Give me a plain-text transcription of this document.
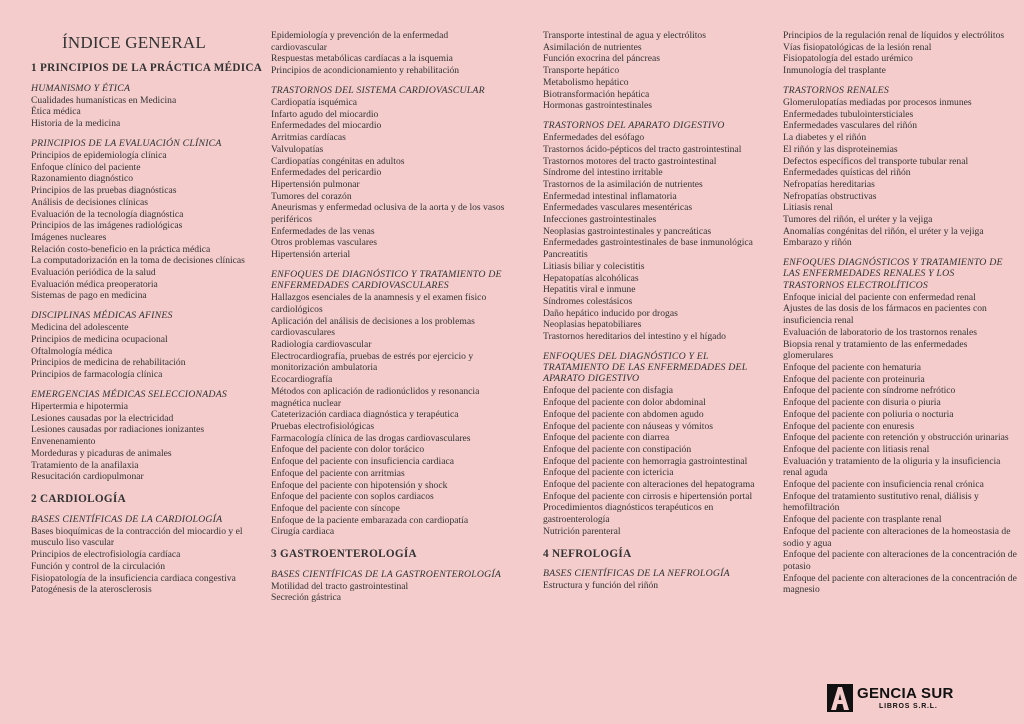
ÍNDICE GENERAL
1 PRINCIPIOS DE LA PRÁCTICA MÉDICA
HUMANISMO Y ÉTICA
Cualidades humanísticas en Medicina
Ética médica
Historia de la medicina
PRINCIPIOS DE LA EVALUACIÓN CLÍNICA
Principios de epidemiología clínica
Enfoque clínico del paciente
Razonamiento diagnóstico
Principios de las pruebas diagnósticas
Análisis de decisiones clínicas
Evaluación de la tecnología diagnóstica
Principios de las imágenes radiológicas
Imágenes nucleares
Relación costo-beneficio en la práctica médica
La computadorización en la toma de decisiones clínicas
Evaluación periódica de la salud
Evaluación médica preoperatoria
Sistemas de pago en medicina
DISCIPLINAS MÉDICAS AFINES
Medicina del adolescente
Principios de medicina ocupacional
Oftalmología médica
Principios de medicina de rehabilitación
Principios de farmacología clínica
EMERGENCIAS MÉDICAS SELECCIONADAS
Hipertermia e hipotermia
Lesiones causadas por la electricidad
Lesiones causadas por radiaciones ionizantes
Envenenamiento
Mordeduras y picaduras de animales
Tratamiento de la anafilaxia
Resucitación cardiopulmonar
2 CARDIOLOGÍA
BASES CIENTÍFICAS DE LA CARDIOLOGÍA
Bases bioquímicas de la contracción del miocardio y el musculo liso vascular
Principios de electrofisiología cardíaca
Función y control de la circulación
Fisiopatología de la insuficiencia cardiaca congestiva
Patogénesis de la aterosclerosis
Epidemiología y prevención de la enfermedad cardiovascular
Respuestas metabólicas cardíacas a la isquemia
Principios de acondicionamiento y rehabilitación
TRASTORNOS DEL SISTEMA CARDIOVASCULAR
Cardiopatía isquémica
Infarto agudo del miocardio
Enfermedades del miocardio
Arritmias cardíacas
Valvulopatías
Cardiopatías congénitas en adultos
Enfermedades del pericardio
Hipertensión pulmonar
Tumores del corazón
Aneurismas y enfermedad oclusiva de la aorta y de los vasos periféricos
Enfermedades de las venas
Otros problemas vasculares
Hipertensión arterial
ENFOQUES DE DIAGNÓSTICO Y TRATAMIENTO DE ENFERMEDADES CARDIOVASCULARES
Hallazgos esenciales de la anamnesis y el examen físico cardiológicos
Aplicación del análisis de decisiones a los problemas cardiovasculares
Radiología cardiovascular
Electrocardiografía, pruebas de estrés por ejercicio y monitorización ambulatoria
Ecocardiografía
Métodos con aplicación de radionúclidos y resonancia magnética nuclear
Cateterización cardiaca diagnóstica y terapéutica
Pruebas electrofisiológicas
Farmacología clínica de las drogas cardiovasculares
Enfoque del paciente con dolor torácico
Enfoque del paciente con insuficiencia cardiaca
Enfoque del paciente con arritmias
Enfoque del paciente con hipotensión y shock
Enfoque del paciente con soplos cardiacos
Enfoque del paciente con síncope
Enfoque de la paciente embarazada con cardiopatía
Cirugía cardiaca
3 GASTROENTEROLOGÍA
BASES CIENTÍFICAS DE LA GASTROENTEROLOGÍA
Motilidad del tracto gastrointestinal
Secreción gástrica
Transporte intestinal de agua y electrólitos
Asimilación de nutrientes
Función exocrina del páncreas
Transporte hepático
Metabolismo hepático
Biotransformación hepática
Hormonas gastrointestinales
TRASTORNOS DEL APARATO DIGESTIVO
Enfermedades del esófago
Trastornos ácido-pépticos del tracto gastrointestinal
Trastornos motores del tracto gastrointestinal
Síndrome del intestino irritable
Trastornos de la asimilación de nutrientes
Enfermedad intestinal inflamatoria
Enfermedades vasculares mesentéricas
Infecciones gastrointestinales
Neoplasias gastrointestinales y pancreáticas
Enfermedades gastrointestinales de base inmunológica
Pancreatitis
Litiasis biliar y colecistitis
Hepatopatías alcohólicas
Hepatitis viral e inmune
Síndromes colestásicos
Daño hepático inducido por drogas
Neoplasias hepatobiliares
Trastornos hereditarios del intestino y el hígado
ENFOQUES DEL DIAGNÓSTICO Y EL TRATAMIENTO DE LAS ENFERMEDADES DEL APARATO DIGESTIVO
Enfoque del paciente con disfagia
Enfoque del paciente con dolor abdominal
Enfoque del paciente con abdomen agudo
Enfoque del paciente con náuseas y vómitos
Enfoque del paciente con diarrea
Enfoque del paciente con constipación
Enfoque del paciente con hemorragia gastrointestinal
Enfoque del paciente con ictericia
Enfoque del paciente con alteraciones del hepatograma
Enfoque del paciente con cirrosis e hipertensión portal
Procedimientos diagnósticos terapéuticos en gastroenterología
Nutrición parenteral
4 NEFROLOGÍA
BASES CIENTÍFICAS DE LA NEFROLOGÍA
Estructura y función del riñón
Principios de la regulación renal de líquidos y electrólitos
Vías fisiopatológicas de la lesión renal
Fisiopatología del estado urémico
Inmunología del trasplante
TRASTORNOS RENALES
Glomerulopatías mediadas por procesos inmunes
Enfermedades tubulointersticiales
Enfermedades vasculares del riñón
La diabetes y el riñón
El riñón y las disproteinemias
Defectos específicos del transporte tubular renal
Enfermedades quísticas del riñón
Nefropatías hereditarias
Nefropatías obstructivas
Litiasis renal
Tumores del riñón, el uréter y la vejiga
Anomalías congénitas del riñón, el uréter y la vejiga
Embarazo y riñón
ENFOQUES DIAGNÓSTICOS Y TRATAMIENTO DE LAS ENFERMEDADES RENALES Y LOS TRASTORNOS ELECTROLÍTICOS
Enfoque inicial del paciente con enfermedad renal
Ajustes de las dosis de los fármacos en pacientes con insuficiencia renal
Evaluación de laboratorio de los trastornos renales
Biopsia renal y tratamiento de las enfermedades glomerulares
Enfoque del paciente con hematuria
Enfoque del paciente con proteinuria
Enfoque del paciente con síndrome nefrótico
Enfoque del paciente con disuria o piuria
Enfoque del paciente con poliuria o nocturia
Enfoque del paciente con enuresis
Enfoque del paciente con retención y obstrucción urinarias
Enfoque del paciente con litiasis renal
Evaluación y tratamiento de la oliguria y la insuficiencia renal aguda
Enfoque del paciente con insuficiencia renal crónica
Enfoque del tratamiento sustitutivo renal, diálisis y hemofiltración
Enfoque del paciente con trasplante renal
Enfoque del paciente con alteraciones de la homeostasia de sodio y agua
Enfoque del paciente con alteraciones de la concentración de potasio
Enfoque del paciente con alteraciones de la concentración de magnesio
GENCIA SUR
LIBROS S.R.L.
